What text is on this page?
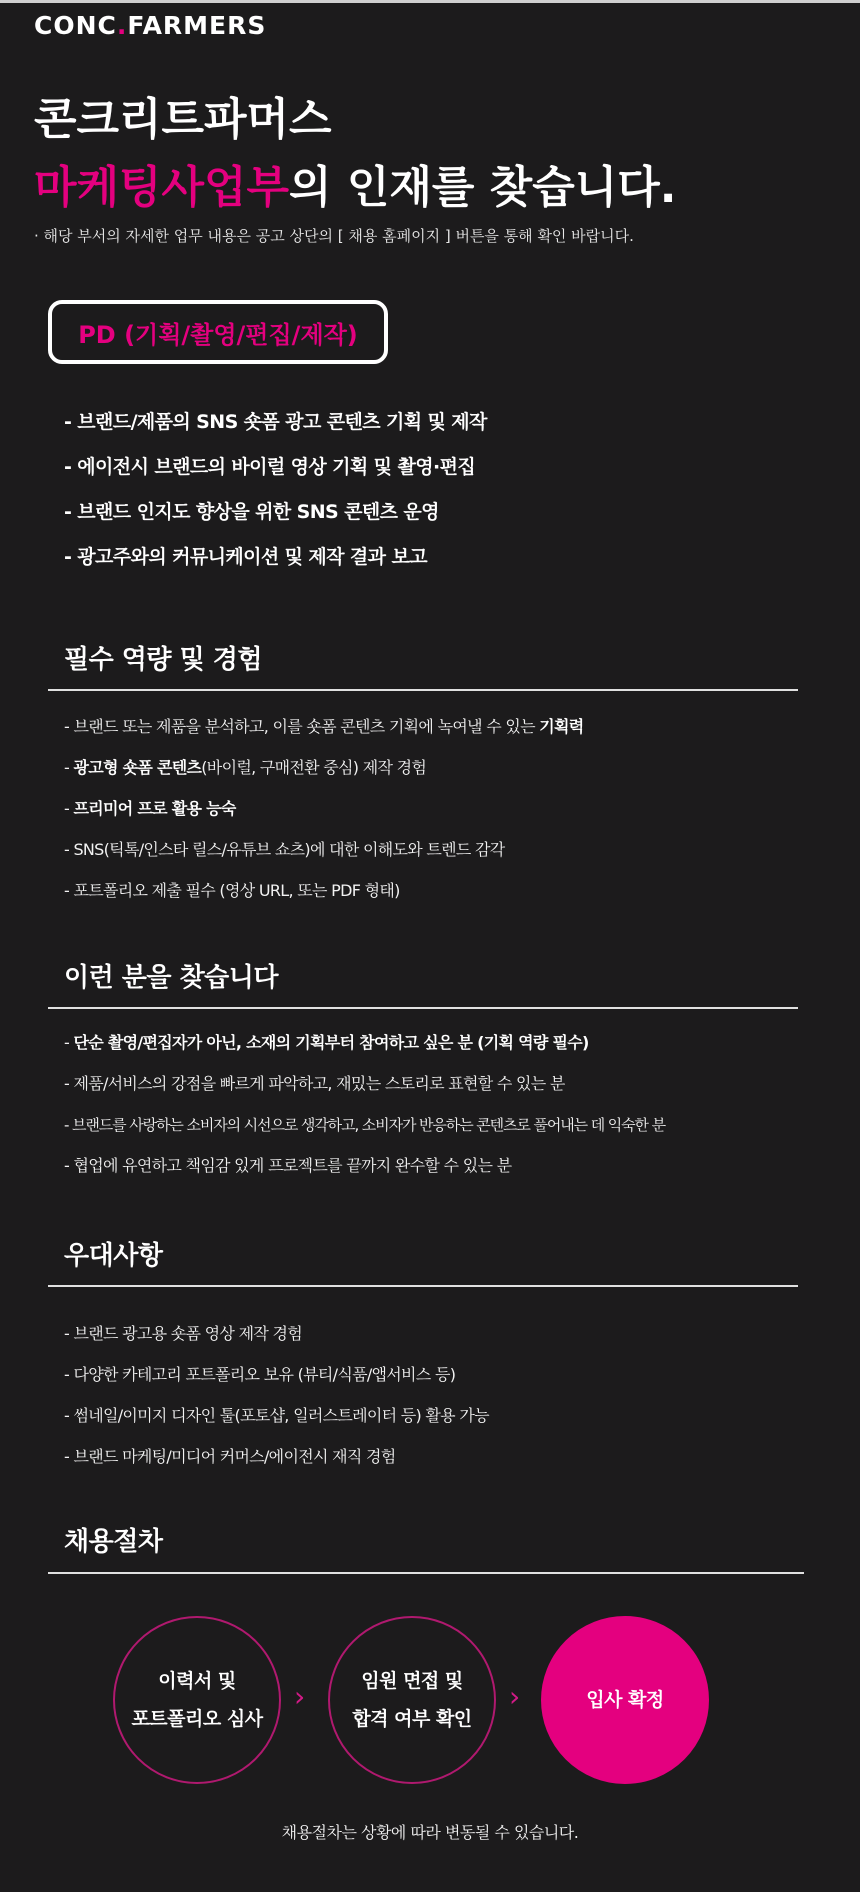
CONC.FARMERS
콘크리트파머스
마케팅사업부의 인재를 찾습니다.

· 해당 부서의 자세한 업무 내용은 공고 상단의 [ 채용 홈페이지 ] 버튼을 통해 확인 바랍니다.

PD (기획/촬영/편집/제작)
- 브랜드/제품의 SNS 숏폼 광고 콘텐츠 기획 및 제작
- 에이전시 브랜드의 바이럴 영상 기획 및 촬영·편집
- 브랜드 인지도 향상을 위한 SNS 콘텐츠 운영
- 광고주와의 커뮤니케이션 및 제작 결과 보고
필수 역량 및 경험
- 브랜드 또는 제품을 분석하고, 이를 숏폼 콘텐츠 기획에 녹여낼 수 있는 기획력
- 광고형 숏폼 콘텐츠(바이럴, 구매전환 중심) 제작 경험
- 프리미어 프로 활용 능숙
- SNS(틱톡/인스타 릴스/유튜브 쇼츠)에 대한 이해도와 트렌드 감각
- 포트폴리오 제출 필수 (영상 URL, 또는 PDF 형태)
이런 분을 찾습니다
- 단순 촬영/편집자가 아닌, 소재의 기획부터 참여하고 싶은 분 (기획 역량 필수)
- 제품/서비스의 강점을 빠르게 파악하고, 재밌는 스토리로 표현할 수 있는 분
- 브랜드를 사랑하는 소비자의 시선으로 생각하고, 소비자가 반응하는 콘텐츠로 풀어내는 데 익숙한 분
- 협업에 유연하고 책임감 있게 프로젝트를 끝까지 완수할 수 있는 분
우대사항
- 브랜드 광고용 숏폼 영상 제작 경험
- 다양한 카테고리 포트폴리오 보유 (뷰티/식품/앱서비스 등)
- 썸네일/이미지 디자인 툴(포토샵, 일러스트레이터 등) 활용 가능
- 브랜드 마케팅/미디어 커머스/에이전시 재직 경험
채용절차
이력서 및
포트폴리오 심사
›	임원 면접 및
합격 여부 확인
›	입사 확정

채용절차는 상황에 따라 변동될 수 있습니다.
